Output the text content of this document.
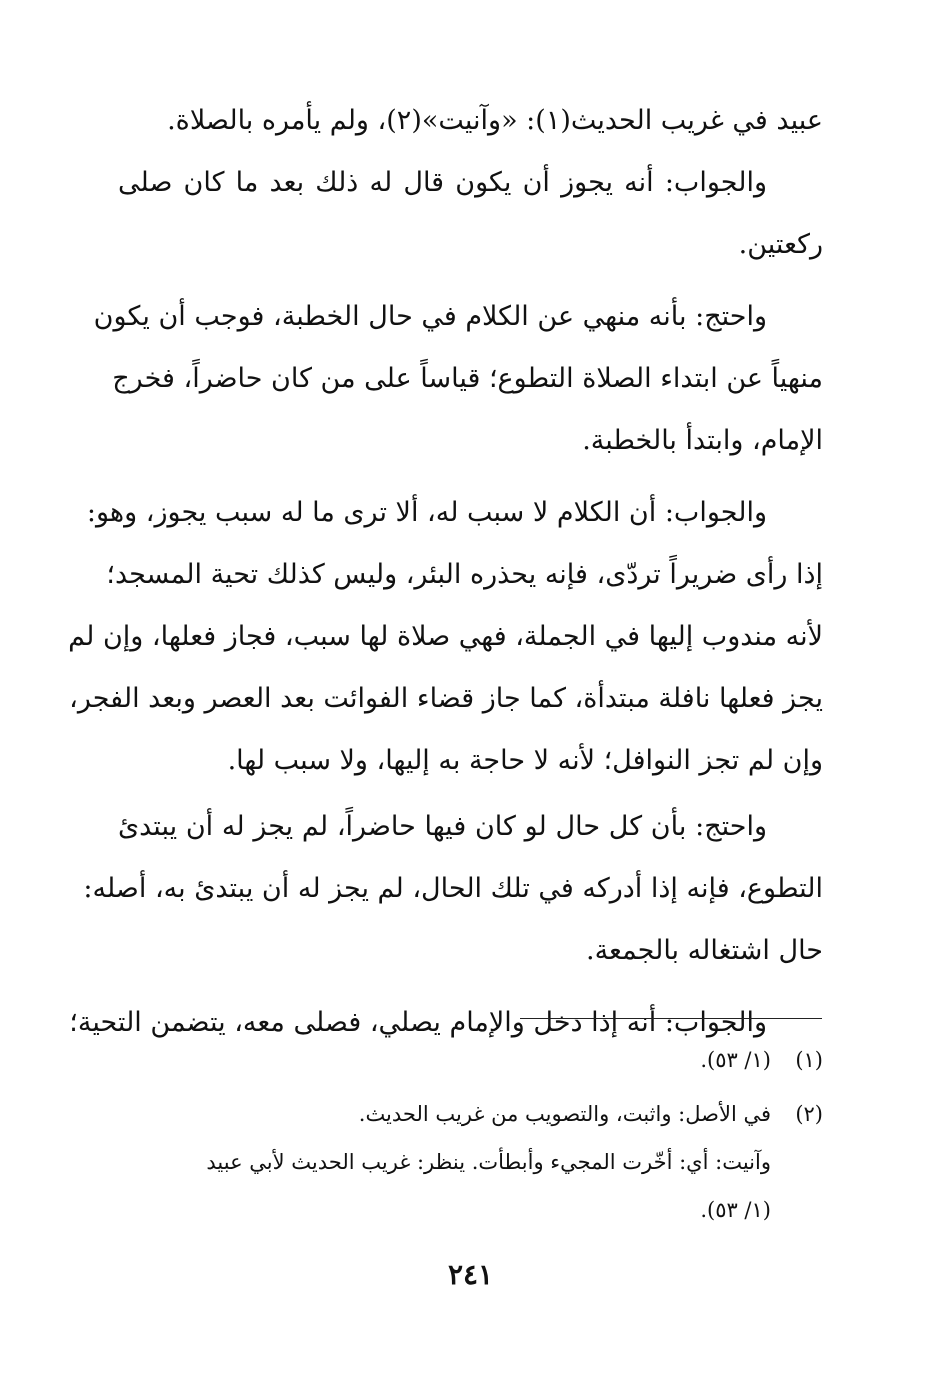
عبيد في غريب الحديث(١): «وآنيت»(٢)، ولم يأمره بالصلاة.
والجواب: أنه يجوز أن يكون قال له ذلك بعد ما كان صلى
ركعتين.
واحتج: بأنه منهي عن الكلام في حال الخطبة، فوجب أن يكون
منهياً عن ابتداء الصلاة التطوع؛ قياساً على من كان حاضراً، فخرج
الإمام، وابتدأ بالخطبة.
والجواب: أن الكلام لا سبب له، ألا ترى ما له سبب يجوز، وهو:
إذا رأى ضريراً تردّى، فإنه يحذره البئر، وليس كذلك تحية المسجد؛
لأنه مندوب إليها في الجملة، فهي صلاة لها سبب، فجاز فعلها، وإن لم
يجز فعلها نافلة مبتدأة، كما جاز قضاء الفوائت بعد العصر وبعد الفجر،
وإن لم تجز النوافل؛ لأنه لا حاجة به إليها، ولا سبب لها.
واحتج: بأن كل حال لو كان فيها حاضراً، لم يجز له أن يبتدئ
التطوع، فإنه إذا أدركه في تلك الحال، لم يجز له أن يبتدئ به، أصله:
حال اشتغاله بالجمعة.
والجواب: أنه إذا دخل والإمام يصلي، فصلى معه، يتضمن التحية؛
(١)(١/ ٥٣).
(٢)في الأصل: واثبت، والتصويب من غريب الحديث.
وآنيت: أي: أخّرت المجيء وأبطأت. ينظر: غريب الحديث لأبي عبيد
(١/ ٥٣).
٢٤١
